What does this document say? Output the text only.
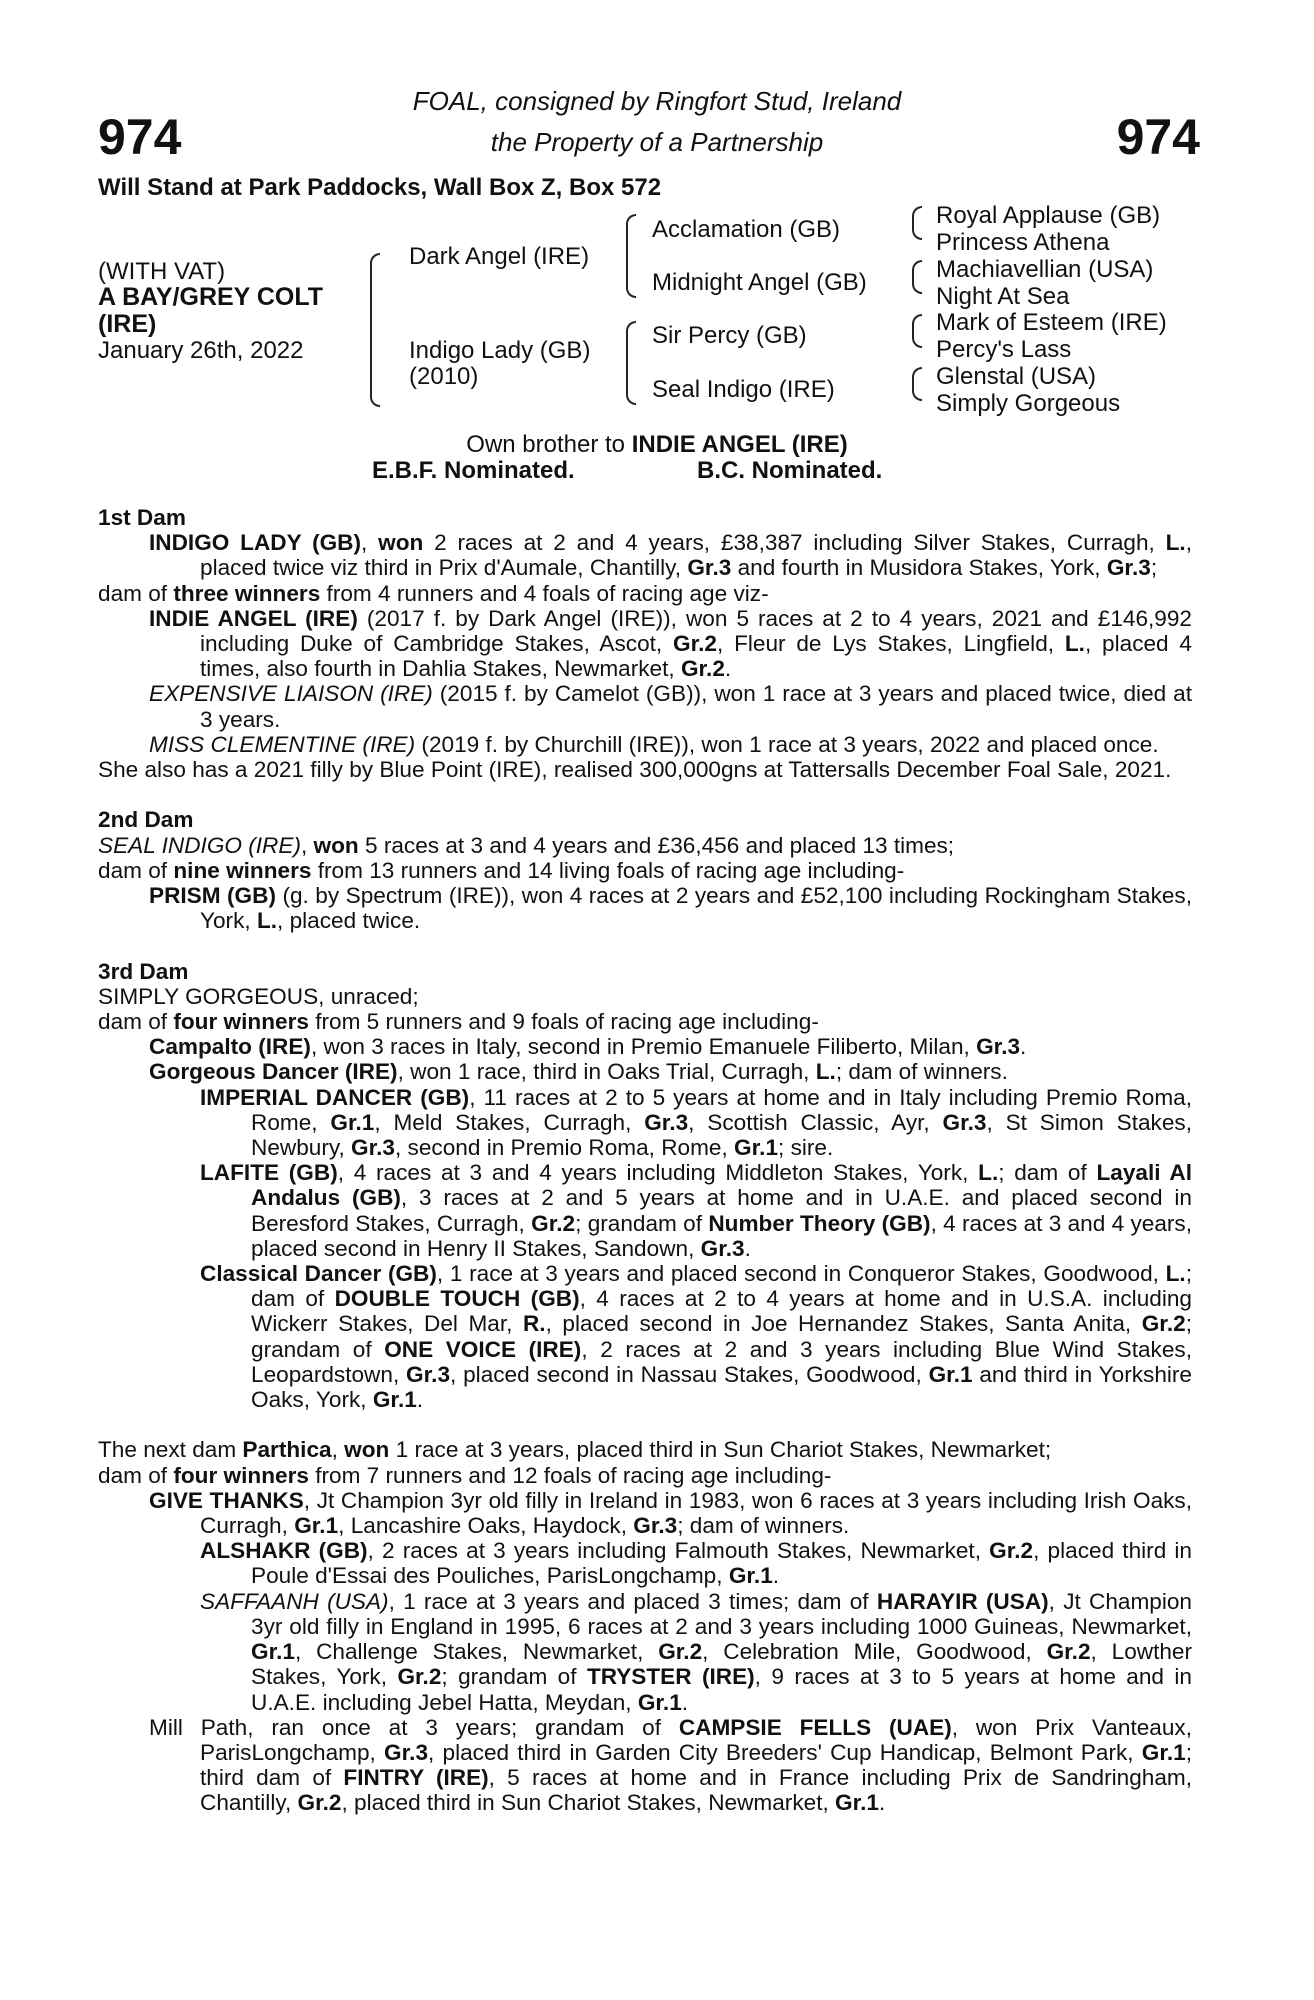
974	974
FOAL, consigned by Ringfort Stud, Ireland
the Property of a Partnership
Will Stand at Park Paddocks, Wall Box Z, Box 572
(WITH VAT)
A BAY/GREY COLT
(IRE)
January 26th, 2022
Dark Angel (IRE)
Indigo Lady (GB)
(2010)
Acclamation (GB)
Midnight Angel (GB)
Sir Percy (GB)
Seal Indigo (IRE)
Royal Applause (GB)
Princess Athena
Machiavellian (USA)
Night At Sea
Mark of Esteem (IRE)
Percy's Lass
Glenstal (USA)
Simply Gorgeous
Own brother to INDIE ANGEL (IRE)
E.B.F. Nominated.	B.C. Nominated.

1st Dam

INDIGO LADY (GB), won 2 races at 2 and 4 years, £38,387 including Silver Stakes, Curragh, L., placed twice viz third in Prix d'Aumale, Chantilly, Gr.3 and fourth in Musidora Stakes, York, Gr.3;

dam of three winners from 4 runners and 4 foals of racing age viz-

INDIE ANGEL (IRE) (2017 f. by Dark Angel (IRE)), won 5 races at 2 to 4 years, 2021 and £146,992 including Duke of Cambridge Stakes, Ascot, Gr.2, Fleur de Lys Stakes, Lingfield, L., placed 4 times, also fourth in Dahlia Stakes, Newmarket, Gr.2.

EXPENSIVE LIAISON (IRE) (2015 f. by Camelot (GB)), won 1 race at 3 years and placed twice, died at 3 years.

MISS CLEMENTINE (IRE) (2019 f. by Churchill (IRE)), won 1 race at 3 years, 2022 and placed once.

She also has a 2021 filly by Blue Point (IRE), realised 300,000gns at Tattersalls December Foal Sale, 2021.

2nd Dam

SEAL INDIGO (IRE), won 5 races at 3 and 4 years and £36,456 and placed 13 times;

dam of nine winners from 13 runners and 14 living foals of racing age including-

PRISM (GB) (g. by Spectrum (IRE)), won 4 races at 2 years and £52,100 including Rockingham Stakes, York, L., placed twice.

3rd Dam

SIMPLY GORGEOUS, unraced;

dam of four winners from 5 runners and 9 foals of racing age including-

Campalto (IRE), won 3 races in Italy, second in Premio Emanuele Filiberto, Milan, Gr.3.

Gorgeous Dancer (IRE), won 1 race, third in Oaks Trial, Curragh, L.; dam of winners.

IMPERIAL DANCER (GB), 11 races at 2 to 5 years at home and in Italy including Premio Roma, Rome, Gr.1, Meld Stakes, Curragh, Gr.3, Scottish Classic, Ayr, Gr.3, St Simon Stakes, Newbury, Gr.3, second in Premio Roma, Rome, Gr.1; sire.

LAFITE (GB), 4 races at 3 and 4 years including Middleton Stakes, York, L.; dam of Layali Al Andalus (GB), 3 races at 2 and 5 years at home and in U.A.E. and placed second in Beresford Stakes, Curragh, Gr.2; grandam of Number Theory (GB), 4 races at 3 and 4 years, placed second in Henry II Stakes, Sandown, Gr.3.

Classical Dancer (GB), 1 race at 3 years and placed second in Conqueror Stakes, Goodwood, L.; dam of DOUBLE TOUCH (GB), 4 races at 2 to 4 years at home and in U.S.A. including Wickerr Stakes, Del Mar, R., placed second in Joe Hernandez Stakes, Santa Anita, Gr.2; grandam of ONE VOICE (IRE), 2 races at 2 and 3 years including Blue Wind Stakes, Leopardstown, Gr.3, placed second in Nassau Stakes, Goodwood, Gr.1 and third in Yorkshire Oaks, York, Gr.1.

The next dam Parthica, won 1 race at 3 years, placed third in Sun Chariot Stakes, Newmarket;

dam of four winners from 7 runners and 12 foals of racing age including-

GIVE THANKS, Jt Champion 3yr old filly in Ireland in 1983, won 6 races at 3 years including Irish Oaks, Curragh, Gr.1, Lancashire Oaks, Haydock, Gr.3; dam of winners.

ALSHAKR (GB), 2 races at 3 years including Falmouth Stakes, Newmarket, Gr.2, placed third in Poule d'Essai des Pouliches, ParisLongchamp, Gr.1.

SAFFAANH (USA), 1 race at 3 years and placed 3 times; dam of HARAYIR (USA), Jt Champion 3yr old filly in England in 1995, 6 races at 2 and 3 years including 1000 Guineas, Newmarket, Gr.1, Challenge Stakes, Newmarket, Gr.2, Celebration Mile, Goodwood, Gr.2, Lowther Stakes, York, Gr.2; grandam of TRYSTER (IRE), 9 races at 3 to 5 years at home and in U.A.E. including Jebel Hatta, Meydan, Gr.1.

Mill Path, ran once at 3 years; grandam of CAMPSIE FELLS (UAE), won Prix Vanteaux, ParisLongchamp, Gr.3, placed third in Garden City Breeders' Cup Handicap, Belmont Park, Gr.1; third dam of FINTRY (IRE), 5 races at home and in France including Prix de Sandringham, Chantilly, Gr.2, placed third in Sun Chariot Stakes, Newmarket, Gr.1.
